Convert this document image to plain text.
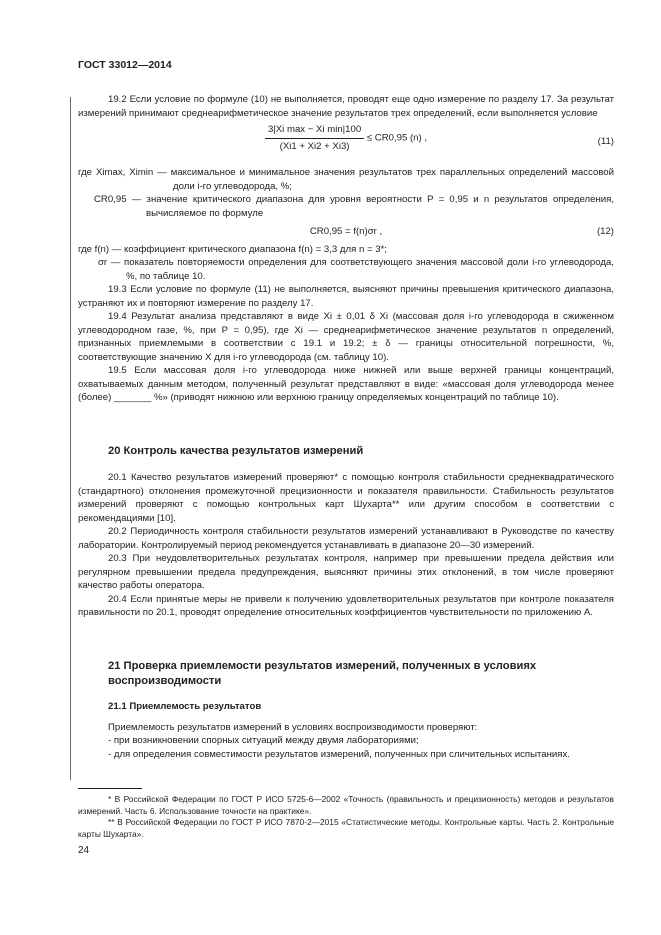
ГОСТ 33012—2014

19.2 Если условие по формуле (10) не выполняется, проводят еще одно измерение по разделу 17. За результат измерений принимают среднеарифметическое значение результатов трех определений, если выполняется условие

$\frac{\text{3|Xi max − Xi min|100}}{(Xi1 + Xi2 + Xi3)} \le CR0,95$ (n) ,	(11)

где Ximax, Ximin — максимальное и минимальное значения результатов трех параллельных определений массовой доли i-го углеводорода, %;

CR0,95 — значение критического диапазона для уровня вероятности P = 0,95 и n результатов определения, вычисляемое по формуле

CR0,95 = f(n)σr ,	(12)

где f(n) — коэффициент критического диапазона f(n) = 3,3 для n = 3*;

σr — показатель повторяемости определения для соответствующего значения массовой доли i-го углеводорода, %, по таблице 10.

19.3 Если условие по формуле (11) не выполняется, выясняют причины превышения критического диапазона, устраняют их и повторяют измерение по разделу 17.

19.4 Результат анализа представляют в виде Xi ± 0,01 δ Xi (массовая доля i-го углеводорода в сжиженном углеводородном газе, %, при P = 0,95), где Xi — среднеарифметическое значение результатов n определений, признанных приемлемыми в соответствии с 19.1 и 19.2; ± δ — границы относительной погрешности, %, соответствующие значению X для i-го углеводорода (см. таблицу 10).

19.5 Если массовая доля i-го углеводорода ниже нижней или выше верхней границы концентраций, охватываемых данным методом, полученный результат представляют в виде: «массовая доля углеводорода менее (более) _______ %» (приводят нижнюю или верхнюю границу определяемых концентраций по таблице 10).

20 Контроль качества результатов измерений

20.1 Качество результатов измерений проверяют* с помощью контроля стабильности среднеквадратического (стандартного) отклонения промежуточной прецизионности и показателя правильности. Стабильность результатов измерений проверяют с помощью контрольных карт Шухарта** или другим способом в соответствии с рекомендациями [10].

20.2 Периодичность контроля стабильности результатов измерений устанавливают в Руководстве по качеству лаборатории. Контролируемый период рекомендуется устанавливать в диапазоне 20—30 измерений.

20.3 При неудовлетворительных результатах контроля, например при превышении предела действия или регулярном превышении предела предупреждения, выясняют причины этих отклонений, в том числе проверяют качество работы оператора.

20.4 Если принятые меры не привели к получению удовлетворительных результатов при контроле показателя правильности по 20.1, проводят определение относительных коэффициентов чувствительности по приложению А.

21 Проверка приемлемости результатов измерений, полученных в условиях воспроизводимости
21.1 Приемлемость результатов

Приемлемость результатов измерений в условиях воспроизводимости проверяют:

- при возникновении спорных ситуаций между двумя лабораториями;

- для определения совместимости результатов измерений, полученных при сличительных испытаниях.

* В Российской Федерации по ГОСТ Р ИСО 5725-6—2002 «Точность (правильность и прецизионность) методов и результатов измерений. Часть 6. Использование точности на практике».

** В Российской Федерации по ГОСТ Р ИСО 7870-2—2015 «Статистические методы. Контрольные карты. Часть 2. Контрольные карты Шухарта».

24
